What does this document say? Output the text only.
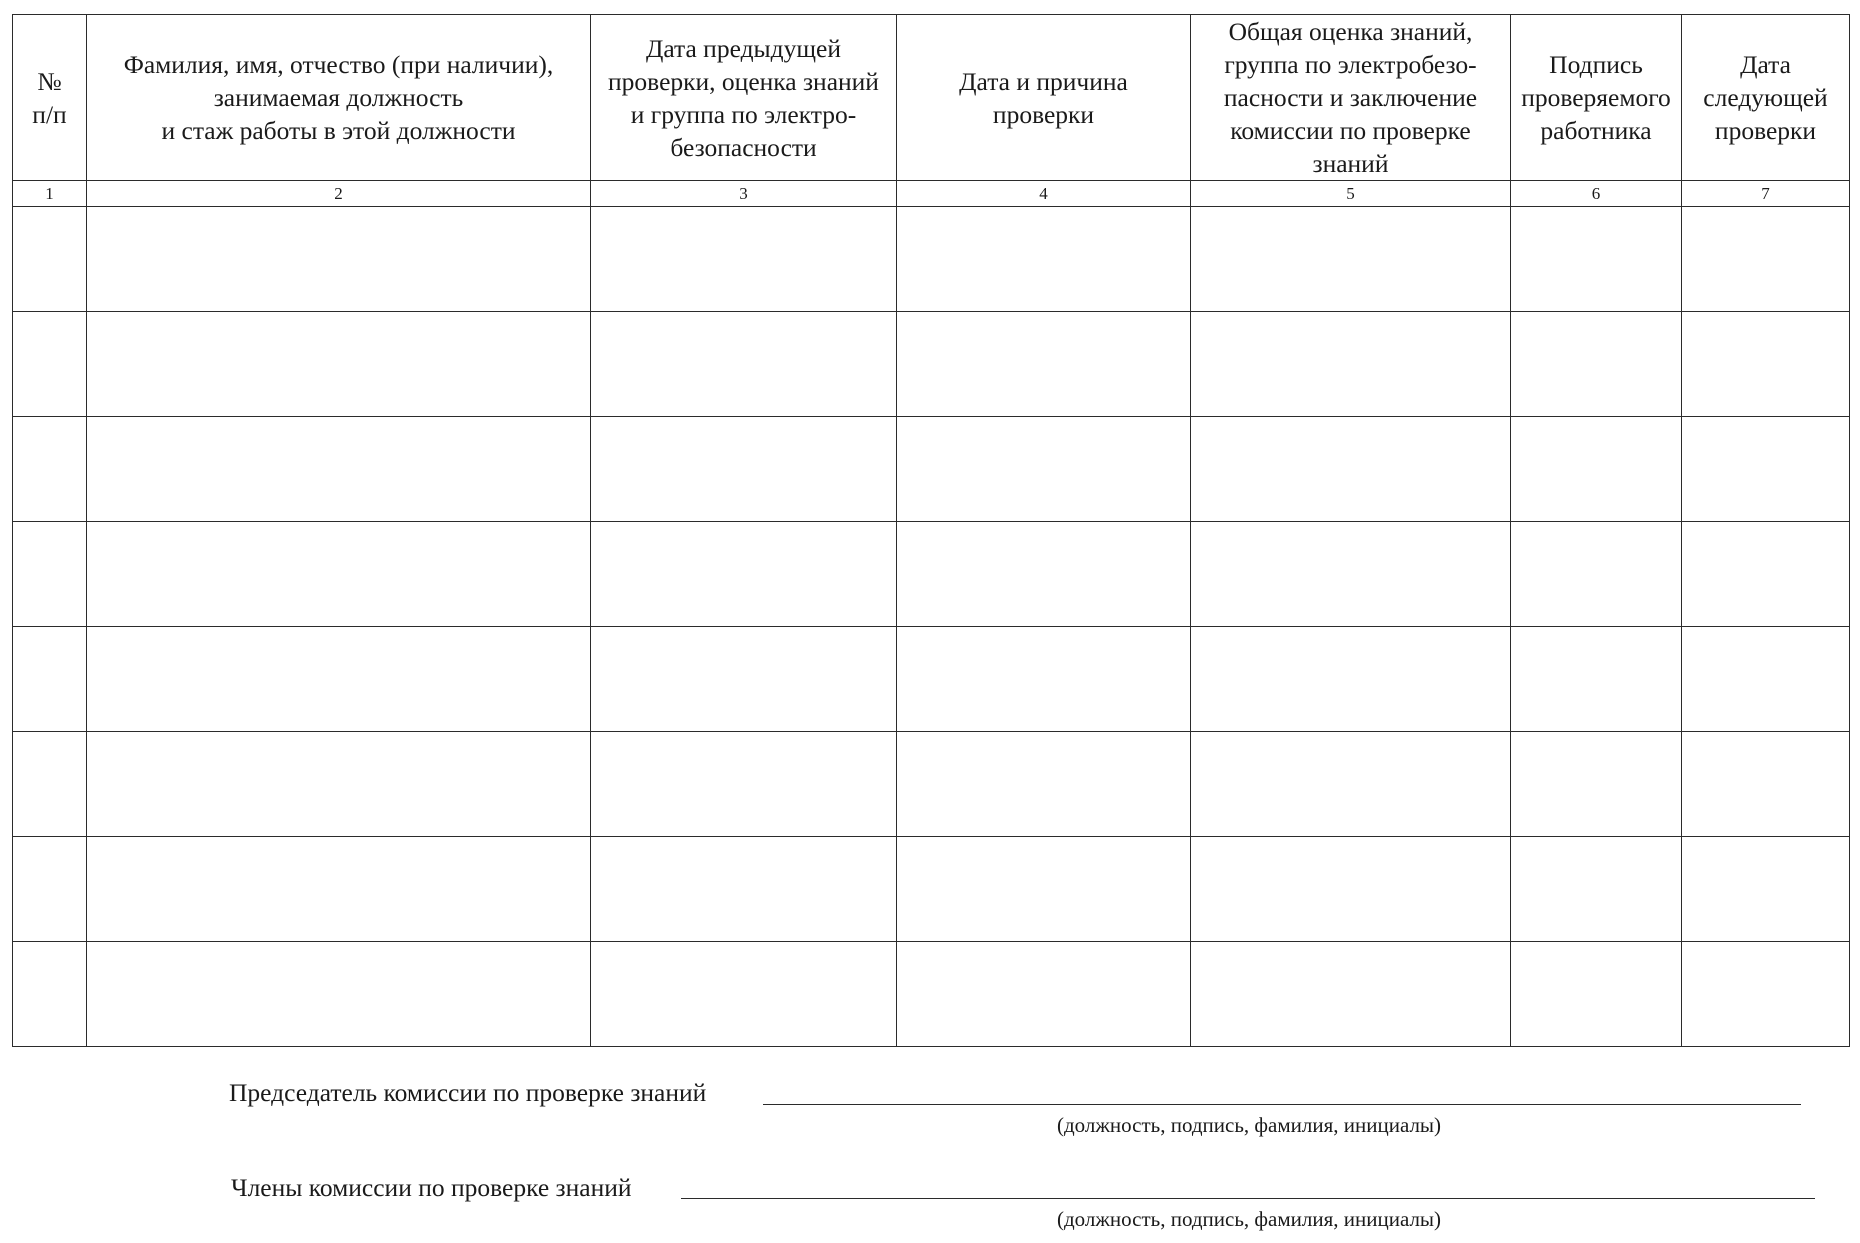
№
п/п	Фамилия, имя, отчество (при наличии),
занимаемая должность
и стаж работы в этой должности	Дата предыдущей
проверки, оценка знаний
и группа по электро-
безопасности	Дата и причина
проверки	Общая оценка знаний,
группа по электробезо-
пасности и заключение
комиссии по проверке
знаний	Подпись
проверяемого
работника	Дата
следующей
проверки

1	2	3	4	5	6	7

Председатель комиссии по проверке знаний
(должность, подпись, фамилия, инициалы)
Члены комиссии по проверке знаний
(должность, подпись, фамилия, инициалы)
